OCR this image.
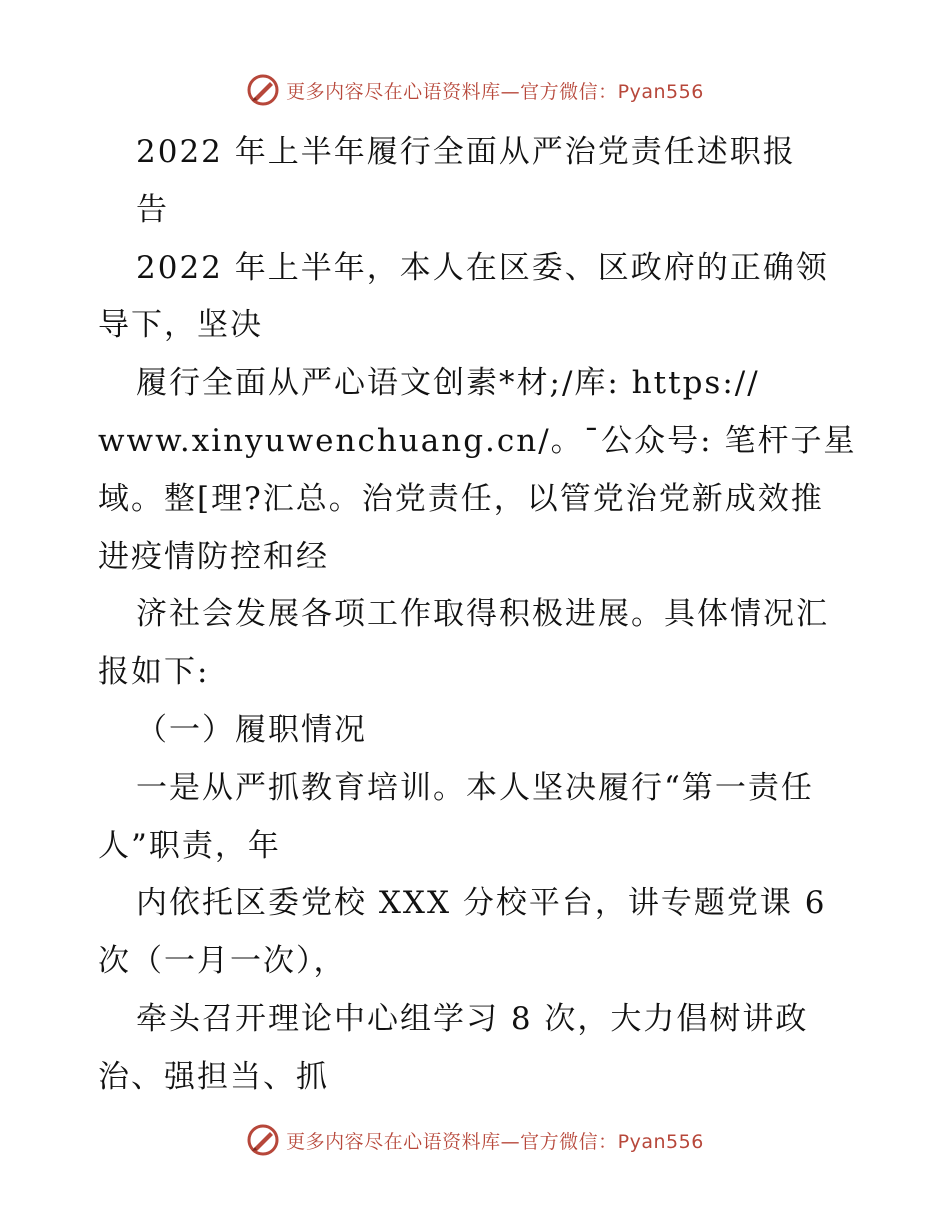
更多内容尽在心语资料库—官方微信：Pyan556
2022 年上半年履行全面从严治党责任述职报
告
2022 年上半年，本人在区委、区政府的正确领
导下，坚决
履行全面从严心语文创素*材;/库: https://
www.xinyuwenchuang.cn/。¯公众号: 笔杆子星
域。整[理?汇总。治党责任，以管党治党新成效推
进疫情防控和经
济社会发展各项工作取得积极进展。具体情况汇
报如下:
（一）履职情况
一是从严抓教育培训。本人坚决履行“第一责任
人”职责，年
内依托区委党校 XXX 分校平台，讲专题党课 6
次（一月一次），
牵头召开理论中心组学习 8 次，大力倡树讲政
治、强担当、抓
更多内容尽在心语资料库—官方微信：Pyan556
